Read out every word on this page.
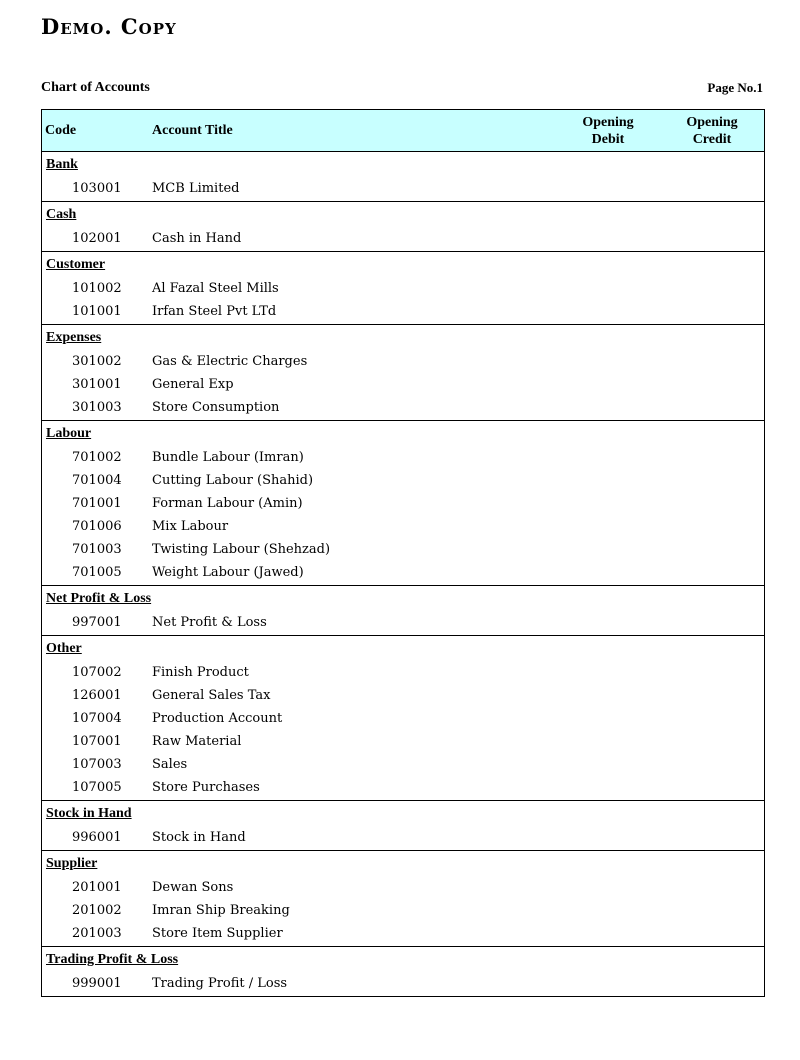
Demo. Copy
Chart of Accounts	Page No.1
Code	Account Title
Opening
Debit
Opening
Credit
Bank
103001 MCB Limited
Cash
102001 Cash in Hand
Customer
101002 Al Fazal Steel Mills
101001 Irfan Steel Pvt LTd
Expenses
301002 Gas & Electric Charges
301001 General Exp
301003 Store Consumption
Labour
701002 Bundle Labour (Imran)
701004 Cutting Labour (Shahid)
701001 Forman Labour (Amin)
701006 Mix Labour
701003 Twisting Labour (Shehzad)
701005 Weight Labour (Jawed)
Net Profit & Loss
997001 Net Profit & Loss
Other
107002 Finish Product
126001 General Sales Tax
107004 Production Account
107001 Raw Material
107003 Sales
107005 Store Purchases
Stock in Hand
996001 Stock in Hand
Supplier
201001 Dewan Sons
201002 Imran Ship Breaking
201003 Store Item Supplier
Trading Profit & Loss
999001 Trading Profit / Loss
